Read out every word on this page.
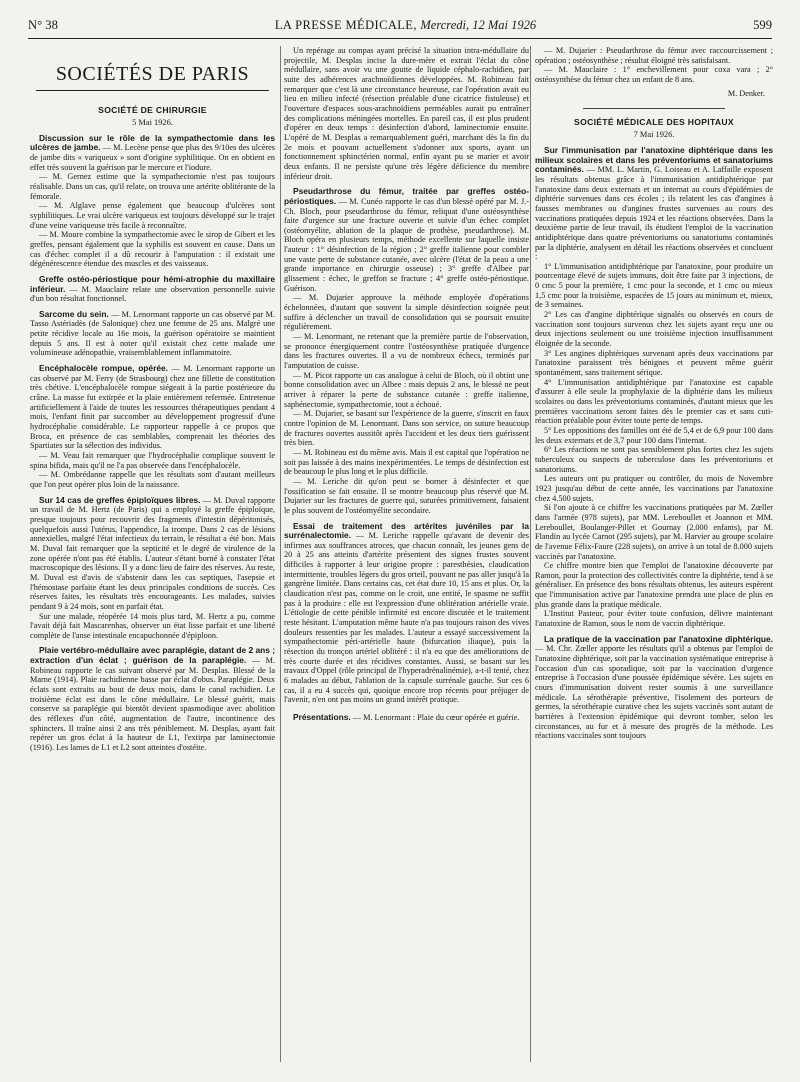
N° 38	LA PRESSE MÉDICALE, Mercredi, 12 Mai 1926	599
SOCIÉTÉS DE PARIS
SOCIÉTÉ DE CHIRURGIE
5 Mai 1926.

Discussion sur le rôle de la sympathectomie dans les ulcères de jambe. — M. Lecène pense que plus des 9/10es des ulcères de jambe dits « variqueux » sont d'origine syphilitique. On en obtient en effet très souvent la guérison par le mercure et l'iodure.

— M. Gernez estime que la sympathectomie n'est pas toujours réalisable. Dans un cas, qu'il relate, on trouva une artérite oblitérante de la fémorale.

— M. Alglave pense également que beaucoup d'ulcères sont syphilitiques. Le vrai ulcère variqueux est toujours développé sur le trajet d'une veine variqueuse très facile à reconnaître.

— M. Moure combine la sympathectomie avec le sirop de Gibert et les greffes, pensant également que la syphilis est souvent en cause. Dans un cas d'échec complet il a dû recourir à l'amputation : il existait une dégénérescence étendue des muscles et des vaisseaux.

Greffe ostéo-périostique pour hémi-atrophie du maxillaire inférieur. — M. Mauclaire relate une observation personnelle suivie d'un bon résultat fonctionnel.

Sarcome du sein. — M. Lenormant rapporte un cas observé par M. Tasso Astériadès (de Salonique) chez une femme de 25 ans. Malgré une petite récidive locale au 16e mois, la guérison opératoire se maintient depuis 5 ans. Il est à noter qu'il existait chez cette malade une volumineuse adénopathie, vraisemblablement inflammatoire.

Encéphalocèle rompue, opérée. — M. Lenormant rapporte un cas observé par M. Ferry (de Strasbourg) chez une fillette de constitution très chétive. L'encéphalocèle rompue siégeait à la partie postérieure du crâne. La masse fut extirpée et la plaie entièrement refermée. Entretenue artificiellement à l'aide de toutes les ressources thérapeutiques pendant 4 mois, l'enfant finit par succomber au développement progressif d'une hydrocéphalie considérable. Le rapporteur rappelle à ce propos que Broca, en présence de cas semblables, comprenait les théories des Spartiates sur la sélection des individus.

— M. Veau fait remarquer que l'hydrocéphalie complique souvent le spina bifida, mais qu'il ne l'a pas observée dans l'encéphalocèle.

— M. Ombrédanne rappelle que les résultats sont d'autant meilleurs que l'on peut opérer plus loin de la naissance.

Sur 14 cas de greffes épiploïques libres. — M. Duval rapporte un travail de M. Hertz (de Paris) qui a employé la greffe épiploïque, presque toujours pour recouvrir des fragments d'intestin dépéritonisés, quelquefois aussi l'utérus, l'appendice, la trompe. Dans 2 cas de lésions annexielles, malgré l'état infectieux du terrain, le résultat a été bon. Mais M. Duval fait remarquer que la septicité et le degré de virulence de la zone opérée n'ont pas été établis. L'auteur s'étant borné à constater l'état macroscopique des lésions. Il y a donc lieu de faire des réserves. Au reste, M. Duval est d'avis de s'abstenir dans les cas septiques, l'asepsie et l'hémostase parfaite étant les deux principales conditions de succès. Ces réserves faites, les résultats très encourageants. Les malades, suivies pendant 9 à 24 mois, sont en parfait état.

Sur une malade, réopérée 14 mois plus tard, M. Hertz a pu, comme l'avait déjà fait Mascarenhas, observer un état lisse parfait et une liberté complète de l'anse intestinale encapuchonnée d'épiploon.

Plaie vertébro-médullaire avec paraplégie, datant de 2 ans ; extraction d'un éclat ; guérison de la paraplégie. — M. Robineau rapporte le cas suivant observé par M. Desplas. Blessé de la Marne (1914). Plaie rachidienne basse par éclat d'obus. Paraplégie. Deux éclats sont extraits au bout de deux mois, dans le canal rachidien. Le troisième éclat est dans le cône médullaire. Le blessé guérit, mais conserve sa paraplégie qui bientôt devient spasmodique avec abolition des réflexes d'un côté, augmentation de l'autre, incontinence des sphincters. Il traîne ainsi 2 ans très péniblement. M. Desplas, ayant fait repérer un gros éclat à la hauteur de L1, l'extirpa par laminectomie (1916). Les lames de L1 et L2 sont atteintes d'ostéite.

Un repérage au compas ayant précisé la situation intra-médullaire du projectile, M. Desplas incise la dure-mère et extrait l'éclat du cône médullaire, sans avoir vu une goutte de liquide céphalo-rachidien, par suite des adhérences arachnoïdiennes développées. M. Robineau fait remarquer que c'est là une circonstance heureuse, car l'opération avait eu lieu en milieu infecté (résection préalable d'une cicatrice fistuleuse) et l'ouverture d'espaces sous-arachnoïdiens perméables aurait pu entraîner des complications méningées mortelles. En pareil cas, il est plus prudent d'opérer en deux temps : désinfection d'abord, laminectomie ensuite. L'opéré de M. Desplas a remarquablement guéri, marchant dès la fin du 2e mois et pouvant actuellement s'adonner aux sports, ayant un fonctionnement sphinctérien normal, enfin ayant pu se marier et avoir deux enfants. Il ne persiste qu'une très légère déficience du membre inférieur droit.

Pseudarthrose du fémur, traitée par greffes ostéo-périostiques. — M. Cunéo rapporte le cas d'un blessé opéré par M. J.-Ch. Bloch, pour pseudarthrose du fémur, reliquat d'une ostéosynthèse faite d'urgence sur une fracture ouverte et suivie d'un échec complet (ostéomyélite, ablation de la plaque de prothèse, pseudarthrose). M. Bloch opéra en plusieurs temps, méthode excellente sur laquelle insiste l'auteur : 1° désinfection de la région ; 2° greffe italienne pour combler une vaste perte de substance cutanée, avec ulcère (l'état de la peau a une grande importance en chirurgie osseuse) ; 3° greffe d'Albee par glissement : échec, le greffon se fracture ; 4° greffe ostéo-périostique. Guérison.

— M. Dujarier approuve la méthode employée d'opérations échelonnées, d'autant que souvent la simple désinfection soignée peut suffire à déclencher un travail de consolidation qui se poursuit ensuite régulièrement.

— M. Lenormant, ne retenant que la première partie de l'observation, se prononce énergiquement contre l'ostéosynthèse pratiquée d'urgence dans les fractures ouvertes. Il a vu de nombreux échecs, terminés par l'amputation de cuisse.

— M. Picot rapporte un cas analogue à celui de Bloch, où il obtint une bonne consolidation avec un Albee : mais depuis 2 ans, le blessé ne peut arriver à réparer la perte de substance cutanée : greffe italienne, saphénectomie, sympathectomie, tout a échoué.

— M. Dujarier, se basant sur l'expérience de la guerre, s'inscrit en faux contre l'opinion de M. Lenormant. Dans son service, on suture beaucoup de fractures ouvertes aussitôt après l'accident et les deux tiers guérissent très bien.

— M. Robineau est du même avis. Mais il est capital que l'opération ne soit pas laissée à des mains inexpérimentées. Le temps de désinfection est de beaucoup le plus long et le plus difficile.

— M. Leriche dit qu'on peut se borner à désinfecter et que l'ossification se fait ensuite. Il se montre beaucoup plus réservé que M. Dujarier sur les fractures de guerre qui, suturées primitivement, faisaient le plus souvent de l'ostéomyélite secondaire.

Essai de traitement des artérites juvéniles par la surrénalectomie. — M. Leriche rappelle qu'avant de devenir des infirmes aux souffrances atroces, que chacun connaît, les jeunes gens de 20 à 25 ans atteints d'artérite présentent des signes frustes souvent difficiles à rapporter à leur origine propre : paresthésies, claudication intermittente, troubles légers du gros orteil, pouvant ne pas aller jusqu'à la gangrène limitée. Dans certains cas, cet état dure 10, 15 ans et plus. Or, la claudication n'est pas, comme on le croit, une entité, le spasme ne suffit pas à la produire : elle est l'expression d'une oblitération artérielle vraie. L'étiologie de cette pénible infirmité est encore discutée et le traitement reste hésitant. L'amputation même haute n'a pas toujours raison des vives douleurs ressenties par les malades. L'auteur a essayé successivement la sympathectomie péri-artérielle haute (bifurcation iliaque), puis la résection du tronçon artériel oblitéré : il n'a eu que des améliorations de très courte durée et des récidives constantes. Aussi, se basant sur les travaux d'Oppel (rôle principal de l'hyperadrénalinémie), a-t-il tenté, chez 6 malades au début, l'ablation de la capsule surrénale gauche. Sur ces 6 cas, il a eu 4 succès qui, quoique encore trop récents pour préjuger de l'avenir, n'en ont pas moins un grand intérêt pratique.

Présentations. — M. Lenormant : Plaie du cœur opérée et guérie.

— M. Dujarier : Pseudarthrose du fémur avec raccourcissement ; opération ; ostéosynthèse ; résultat éloigné très satisfaisant.

— M. Mauclaire : 1° enchevillement pour coxa vara ; 2° ostéosynthèse du fémur chez un enfant de 8 ans.

M. Denker.
SOCIÉTÉ MÉDICALE DES HOPITAUX
7 Mai 1926.

Sur l'immunisation par l'anatoxine diphtérique dans les milieux scolaires et dans les préventoriums et sanatoriums contaminés. — MM. L. Martin, G. Loiseau et A. Laffaille exposent les résultats obtenus grâce à l'immunisation antidiphtérique par l'anatoxine dans deux externats et un internat au cours d'épidémies de diphtérie survenues dans ces écoles ; ils relatent les cas d'angines à fausses membranes ou d'angines frustes survenues au cours des vaccinations pratiquées depuis 1924 et les réactions observées. Dans la deuxième partie de leur travail, ils étudient l'emploi de la vaccination antidiphtérique dans quatre préventoriums ou sanatoriums contaminés par la diphtérie, analysent en détail les réactions observées et concluent :

1° L'immunisation antidiphtérique par l'anatoxine, pour produire un pourcentage élevé de sujets immuns, doit être faite par 3 injections, de 0 cmc 5 pour la première, 1 cmc pour la seconde, et 1 cmc ou mieux 1,5 cmc pour la troisième, espacées de 15 jours au minimum et, mieux, de 3 semaines.

2° Les cas d'angine diphtérique signalés ou observés en cours de vaccination sont toujours survenus chez les sujets ayant reçu une ou deux injections seulement ou une troisième injection insuffisamment éloignée de la seconde.

3° Les angines diphtériques survenant après deux vaccinations par l'anatoxine paraissent très bénignes et peuvent même guérir spontanément, sans traitement sérique.

4° L'immunisation antidiphtérique par l'anatoxine est capable d'assurer à elle seule la prophylaxie de la diphtérie dans les milieux scolaires ou dans les préventoriums contaminés, d'autant mieux que les premières vaccinations seront faites dès le premier cas et sans cuti-réaction préalable pour éviter toute perte de temps.

5° Les oppositions des familles ont été de 5,4 et de 6,9 pour 100 dans les deux externats et de 3,7 pour 100 dans l'internat.

6° Les réactions ne sont pas sensiblement plus fortes chez les sujets tuberculeux ou suspects de tuberculose dans les préventoriums et sanatoriums.

Les auteurs ont pu pratiquer ou contrôler, du mois de Novembre 1923 jusqu'au début de cette année, les vaccinations par l'anatoxine chez 4.500 sujets.

Si l'on ajoute à ce chiffre les vaccinations pratiquées par M. Zœller dans l'armée (978 sujets), par MM. Lereboullet et Joannon et MM. Lereboullet, Boulanger-Pillet et Gournay (2.000 enfants), par M. Flandin au lycée Carnot (295 sujets), par M. Harvier au groupe scolaire de l'avenue Félix-Faure (228 sujets), on arrive à un total de 8.000 sujets vaccinés par l'anatoxine.

Ce chiffre montre bien que l'emploi de l'anatoxine découverte par Ramon, pour la protection des collectivités contre la diphtérie, tend à se généraliser. En présence des bons résultats obtenus, les auteurs espèrent que l'immunisation active par l'anatoxine prendra une place de plus en plus grande dans la pratique médicale.

L'Institut Pasteur, pour éviter toute confusion, délivre maintenant l'anatoxine de Ramon, sous le nom de vaccin diphtérique.

La pratique de la vaccination par l'anatoxine diphtérique. — M. Chr. Zœller apporte les résultats qu'il a obtenus par l'emploi de l'anatoxine diphtérique, soit par la vaccination systématique entreprise à l'occasion d'un cas sporadique, soit par la vaccination d'urgence entreprise à l'occasion d'une poussée épidémique sévère. Les sujets en cours d'immunisation doivent rester soumis à une surveillance médicale. La sérothérapie préventive, l'isolement des porteurs de germes, la sérothérapie curative chez les sujets vaccinés sont autant de barrières à l'extension épidémique qui devront tomber, selon les circonstances, au fur et à mesure des progrès de la méthode. Les réactions vaccinales sont toujours
